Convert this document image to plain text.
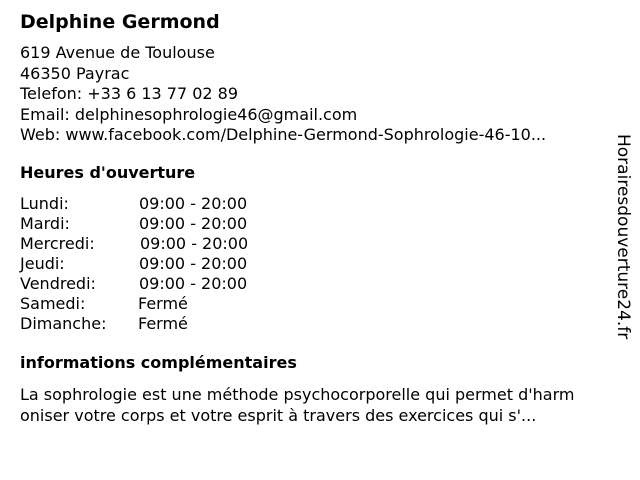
Delphine Germond
619 Avenue de Toulouse
46350 Payrac
Telefon: +33 6 13 77 02 89
Email: delphinesophrologie46@gmail.com
Web: www.facebook.com/Delphine-Germond-Sophrologie-46-10...
Heures d'ouverture
Lundi:	09:00 - 20:00
Mardi:	09:00 - 20:00
Mercredi:	09:00 - 20:00
Jeudi:	09:00 - 20:00
Vendredi:	09:00 - 20:00
Samedi:	Fermé
Dimanche: Fermé
informations complémentaires
La sophrologie est une méthode psychocorporelle qui permet d'harm
oniser votre corps et votre esprit à travers des exercices qui s'...
Horairesdouverture24.fr
